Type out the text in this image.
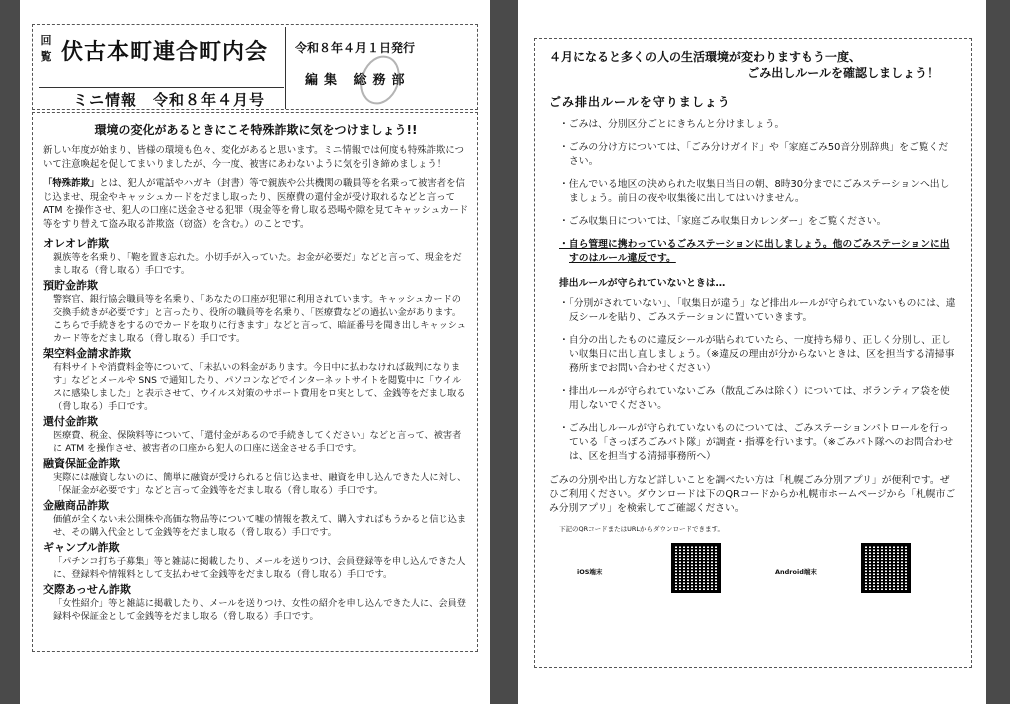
回覧 伏古本町連合町内会
ミニ情報　令和８年４月号
令和８年４月１日発行
編集 総務部
環境の変化があるときにこそ特殊詐欺に気をつけましょう!!

新しい年度が始まり、皆様の環境も色々、変化があると思います。ミニ情報では何度も特殊詐欺について注意喚起を促してまいりましたが、今一度、被害にあわないように気を引き締めましょう！

「特殊詐欺」とは、犯人が電話やハガキ（封書）等で親族や公共機関の職員等を名乗って被害者を信じ込ませ、現金やキャッシュカードをだまし取ったり、医療費の還付金が受け取れるなどと言って ATM を操作させ、犯人の口座に送金させる犯罪（現金等を脅し取る恐喝や隙を見てキャッシュカード等をすり替えて盗み取る詐欺盗（窃盗）を含む。）のことです。

オレオレ詐欺
親族等を名乗り、「鞄を置き忘れた。小切手が入っていた。お金が必要だ」などと言って、現金をだまし取る（脅し取る）手口です。
預貯金詐欺
警察官、銀行協会職員等を名乗り、「あなたの口座が犯罪に利用されています。キャッシュカードの交換手続きが必要です」と言ったり、役所の職員等を名乗り、「医療費などの過払い金があります。こちらで手続きをするのでカードを取りに行きます」などと言って、暗証番号を聞き出しキャッシュカード等をだまし取る（脅し取る）手口です。
架空料金請求詐欺
有料サイトや消費料金等について、「未払いの料金があります。今日中に払わなければ裁判になります」などとメールや SNS で通知したり、パソコンなどでインターネットサイトを閲覧中に「ウイルスに感染しました」と表示させて、ウイルス対策のサポート費用をロ実として、金銭等をだまし取る（脅し取る）手口です。
還付金詐欺
医療費、税金、保険料等について、「還付金があるので手続きしてください」などと言って、被害者に ATM を操作させ、被害者の口座から犯人の口座に送金させる手口です。
融資保証金詐欺
実際には融資しないのに、簡単に融資が受けられると信じ込ませ、融資を申し込んできた人に対し、「保証金が必要です」などと言って金銭等をだまし取る（脅し取る）手口です。
金融商品詐欺
価値が全くない未公開株や高価な物品等について嘘の情報を教えて、購入すればもうかると信じ込ませ、その購入代金として金銭等をだまし取る（脅し取る）手口です。
ギャンブル詐欺
「パチンコ打ち子募集」等と雑誌に掲載したり、メールを送りつけ、会員登録等を申し込んできた人に、登録料や情報料として支払わせて金銭等をだまし取る（脅し取る）手口です。
交際あっせん詐欺
「女性紹介」等と雑誌に掲載したり、メールを送りつけ、女性の紹介を申し込んできた人に、会員登録料や保証金として金銭等をだまし取る（脅し取る）手口です。
４月になると多くの人の生活環境が変わりますもう一度、
ごみ出しルールを確認しましょう！
ごみ排出ルールを守りましょう
・ごみは、分別区分ごとにきちんと分けましょう。
・ごみの分け方については、「ごみ分けガイド」や「家庭ごみ50音分別辞典」をご覧ください。
・住んでいる地区の決められた収集日当日の朝、8時30分までにごみステーションへ出しましょう。前日の夜や収集後に出してはいけません。
・ごみ収集日については、「家庭ごみ収集日カレンダー」をご覧ください。
・自ら管理に携わっているごみステーションに出しましょう。他のごみステーションに出すのはルール違反です。
排出ルールが守られていないときは…
・「分別がされていない」、「収集日が違う」など排出ルールが守られていないものには、違反シールを貼り、ごみステーションに置いていきます。
・自分の出したものに違反シールが貼られていたら、一度持ち帰り、正しく分別し、正しい収集日に出し直しましょう。（※違反の理由が分からないときは、区を担当する清掃事務所までお問い合わせください）
・排出ルールが守られていないごみ（散乱ごみは除く）については、ボランティア袋を使用しないでください。
・ごみ出しルールが守られていないものについては、ごみステーションパトロールを行っている「さっぽろごみパト隊」が調査・指導を行います。（※ごみパト隊へのお問合わせは、区を担当する清掃事務所へ）
ごみの分別や出し方など詳しいことを調べたい方は「札幌ごみ分別アプリ」が便利です。ぜひご利用ください。ダウンロードは下のQRコードからか札幌市ホームページから「札幌市ごみ分別アプリ」を検索してご確認ください。
下記のQRコードまたはURLからダウンロードできます。
iOS端末	Android端末
